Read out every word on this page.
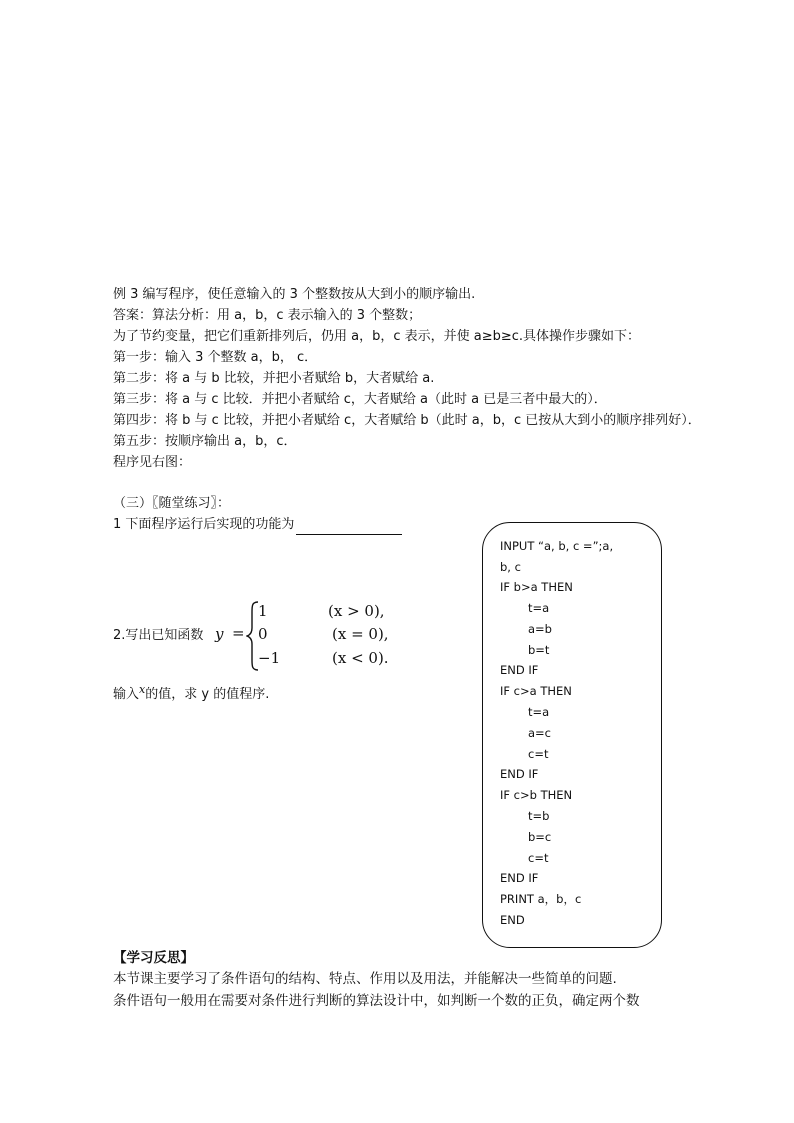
例 3 编写程序，使任意输入的 3 个整数按从大到小的顺序输出.
答案：算法分析：用 a，b，c 表示输入的 3 个整数；
为了节约变量，把它们重新排列后，仍用 a，b，c 表示，并使 a≥b≥c.具体操作步骤如下：
第一步：输入 3 个整数 a，b， c．
第二步：将 a 与 b 比较，并把小者赋给 b，大者赋给 a.
第三步：将 a 与 c 比较．并把小者赋给 c，大者赋给 a（此时 a 已是三者中最大的）．
第四步：将 b 与 c 比较，并把小者赋给 c，大者赋给 b（此时 a，b，c 已按从大到小的顺序排列好）．
第五步：按顺序输出 a，b，c．
程序见右图：
（三）〖随堂练习〗：
1 下面程序运行后实现的功能为
2.写出已知函数 y =
1	(x > 0),
0	(x = 0),
−1	(x < 0).
输入$^x$的值，求 y 的值程序.
INPUT “a, b, c =”;a,
b, c
IF b>a THEN
t=a
a=b
b=t
END IF
IF c>a THEN
t=a
a=c
c=t
END IF
IF c>b THEN
t=b
b=c
c=t
END IF
PRINT a，b，c
END
【学习反思】
本节课主要学习了条件语句的结构、特点、作用以及用法，并能解决一些简单的问题.
条件语句一般用在需要对条件进行判断的算法设计中，如判断一个数的正负，确定两个数
